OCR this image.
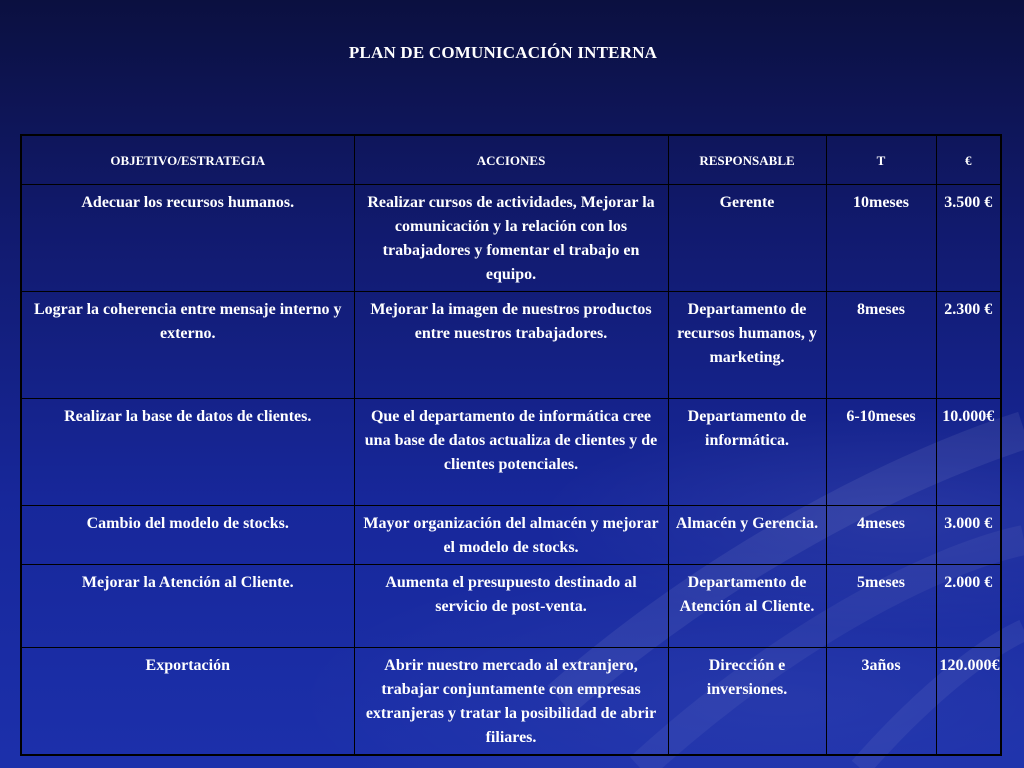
PLAN DE COMUNICACIÓN INTERNA
OBJETIVO/ESTRATEGIA	ACCIONES	RESPONSABLE	T	€
Adecuar los recursos humanos.	Realizar cursos de actividades, Mejorar la comunicación y la relación con los trabajadores y fomentar el trabajo en equipo.	Gerente	10meses	3.500 €
Lograr la coherencia entre mensaje interno y externo.	Mejorar la imagen de nuestros productos entre nuestros trabajadores.	Departamento de recursos humanos, y marketing.	8meses	2.300 €
Realizar la base de datos de clientes.	Que el departamento de informática cree una base de datos actualiza de clientes y de clientes potenciales.	Departamento de informática.	6-10meses	10.000€
Cambio del modelo de stocks.	Mayor organización del almacén y mejorar el modelo de stocks.	Almacén y Gerencia.	4meses	3.000 €
Mejorar la Atención al Cliente.	Aumenta el presupuesto destinado al servicio de post-venta.	Departamento de Atención al Cliente.	5meses	2.000 €
Exportación	Abrir nuestro mercado al extranjero, trabajar conjuntamente con empresas extranjeras y tratar la posibilidad de abrir filiares.	Dirección e inversiones.	3años	120.000€
